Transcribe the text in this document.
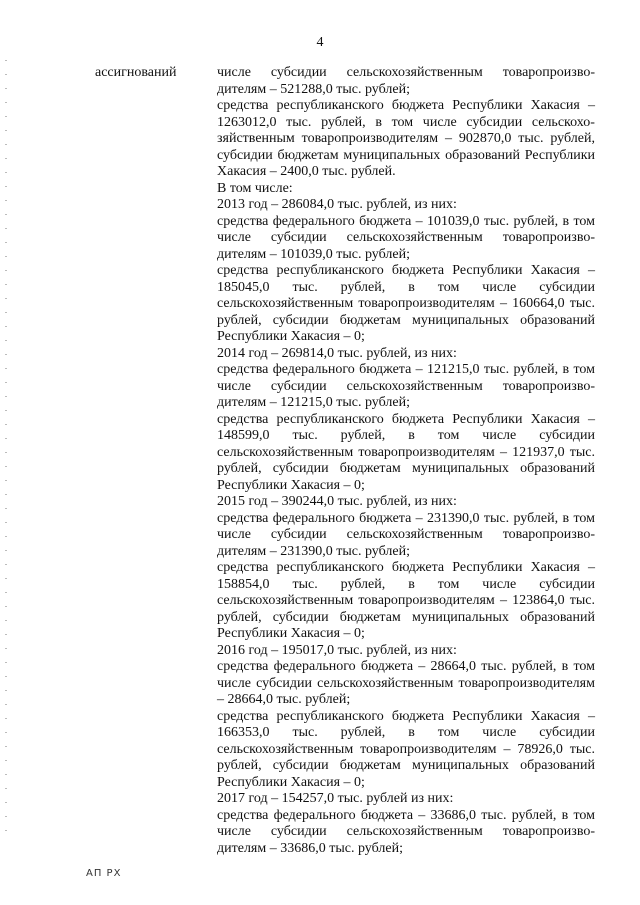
4
ассигнований	числе субсидии сельскохозяйственным товаропроизво-
дителям – 521288,0 тыс. рублей;
средства республиканского бюджета Республики Хакасия –
1263012,0 тыс. рублей, в том числе субсидии сельскохо-
зяйственным товаропроизводителям – 902870,0 тыс. рублей,
субсидии бюджетам муниципальных образований Республики
Хакасия – 2400,0 тыс. рублей.
В том числе:
2013 год – 286084,0 тыс. рублей, из них:
средства федерального бюджета – 101039,0 тыс. рублей, в том
числе субсидии сельскохозяйственным товаропроизво-
дителям – 101039,0 тыс. рублей;
средства республиканского бюджета Республики Хакасия –
185045,0 тыс. рублей, в том числе субсидии
сельскохозяйственным товаропроизводителям – 160664,0 тыс.
рублей, субсидии бюджетам муниципальных образований
Республики Хакасия – 0;
2014 год – 269814,0 тыс. рублей, из них:
средства федерального бюджета – 121215,0 тыс. рублей, в том
числе субсидии сельскохозяйственным товаропроизво-
дителям – 121215,0 тыс. рублей;
средства республиканского бюджета Республики Хакасия –
148599,0 тыс. рублей, в том числе субсидии
сельскохозяйственным товаропроизводителям – 121937,0 тыс.
рублей, субсидии бюджетам муниципальных образований
Республики Хакасия – 0;
2015 год – 390244,0 тыс. рублей, из них:
средства федерального бюджета – 231390,0 тыс. рублей, в том
числе субсидии сельскохозяйственным товаропроизво-
дителям – 231390,0 тыс. рублей;
средства республиканского бюджета Республики Хакасия –
158854,0 тыс. рублей, в том числе субсидии
сельскохозяйственным товаропроизводителям – 123864,0 тыс.
рублей, субсидии бюджетам муниципальных образований
Республики Хакасия – 0;
2016 год – 195017,0 тыс. рублей, из них:
средства федерального бюджета – 28664,0 тыс. рублей, в том
числе субсидии сельскохозяйственным товаропроизводителям
– 28664,0 тыс. рублей;
средства республиканского бюджета Республики Хакасия –
166353,0 тыс. рублей, в том числе субсидии
сельскохозяйственным товаропроизводителям – 78926,0 тыс.
рублей, субсидии бюджетам муниципальных образований
Республики Хакасия – 0;
2017 год – 154257,0 тыс. рублей из них:
средства федерального бюджета – 33686,0 тыс. рублей, в том
числе субсидии сельскохозяйственным товаропроизво-
дителям – 33686,0 тыс. рублей;
АП РХ
